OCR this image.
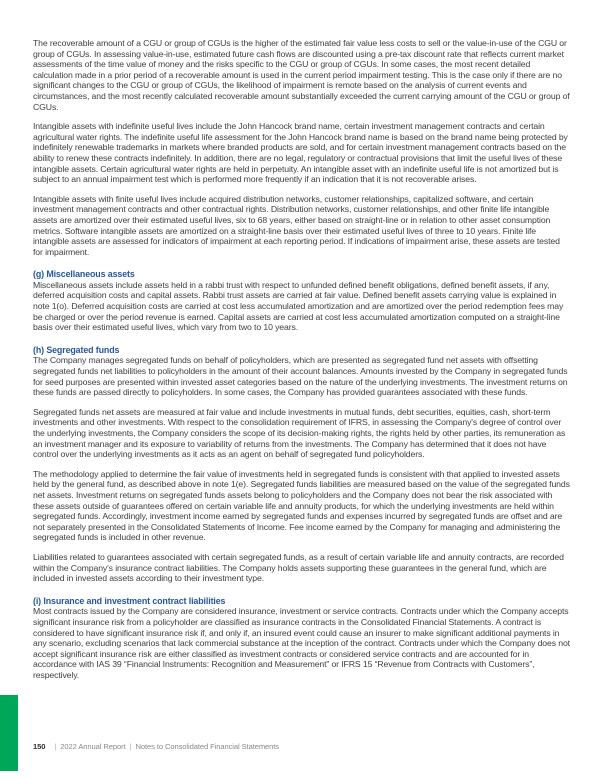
The recoverable amount of a CGU or group of CGUs is the higher of the estimated fair value less costs to sell or the value-in-use of the CGU or group of CGUs. In assessing value-in-use, estimated future cash flows are discounted using a pre-tax discount rate that reflects current market assessments of the time value of money and the risks specific to the CGU or group of CGUs. In some cases, the most recent detailed calculation made in a prior period of a recoverable amount is used in the current period impairment testing. This is the case only if there are no significant changes to the CGU or group of CGUs, the likelihood of impairment is remote based on the analysis of current events and circumstances, and the most recently calculated recoverable amount substantially exceeded the current carrying amount of the CGU or group of CGUs.

Intangible assets with indefinite useful lives include the John Hancock brand name, certain investment management contracts and certain agricultural water rights. The indefinite useful life assessment for the John Hancock brand name is based on the brand name being protected by indefinitely renewable trademarks in markets where branded products are sold, and for certain investment management contracts based on the ability to renew these contracts indefinitely. In addition, there are no legal, regulatory or contractual provisions that limit the useful lives of these intangible assets. Certain agricultural water rights are held in perpetuity. An intangible asset with an indefinite useful life is not amortized but is subject to an annual impairment test which is performed more frequently if an indication that it is not recoverable arises.

Intangible assets with finite useful lives include acquired distribution networks, customer relationships, capitalized software, and certain investment management contracts and other contractual rights. Distribution networks, customer relationships, and other finite life intangible assets are amortized over their estimated useful lives, six to 68 years, either based on straight-line or in relation to other asset consumption metrics. Software intangible assets are amortized on a straight-line basis over their estimated useful lives of three to 10 years. Finite life intangible assets are assessed for indicators of impairment at each reporting period. If indications of impairment arise, these assets are tested for impairment.

(g) Miscellaneous assets

Miscellaneous assets include assets held in a rabbi trust with respect to unfunded defined benefit obligations, defined benefit assets, if any, deferred acquisition costs and capital assets. Rabbi trust assets are carried at fair value. Defined benefit assets carrying value is explained in note 1(o). Deferred acquisition costs are carried at cost less accumulated amortization and are amortized over the period redemption fees may be charged or over the period revenue is earned. Capital assets are carried at cost less accumulated amortization computed on a straight-line basis over their estimated useful lives, which vary from two to 10 years.

(h) Segregated funds

The Company manages segregated funds on behalf of policyholders, which are presented as segregated fund net assets with offsetting segregated funds net liabilities to policyholders in the amount of their account balances. Amounts invested by the Company in segregated funds for seed purposes are presented within invested asset categories based on the nature of the underlying investments. The investment returns on these funds are passed directly to policyholders. In some cases, the Company has provided guarantees associated with these funds.

Segregated funds net assets are measured at fair value and include investments in mutual funds, debt securities, equities, cash, short-term investments and other investments. With respect to the consolidation requirement of IFRS, in assessing the Company's degree of control over the underlying investments, the Company considers the scope of its decision-making rights, the rights held by other parties, its remuneration as an investment manager and its exposure to variability of returns from the investments. The Company has determined that it does not have control over the underlying investments as it acts as an agent on behalf of segregated fund policyholders.

The methodology applied to determine the fair value of investments held in segregated funds is consistent with that applied to invested assets held by the general fund, as described above in note 1(e). Segregated funds liabilities are measured based on the value of the segregated funds net assets. Investment returns on segregated funds assets belong to policyholders and the Company does not bear the risk associated with these assets outside of guarantees offered on certain variable life and annuity products, for which the underlying investments are held within segregated funds. Accordingly, investment income earned by segregated funds and expenses incurred by segregated funds are offset and are not separately presented in the Consolidated Statements of Income. Fee income earned by the Company for managing and administering the segregated funds is included in other revenue.

Liabilities related to guarantees associated with certain segregated funds, as a result of certain variable life and annuity contracts, are recorded within the Company's insurance contract liabilities. The Company holds assets supporting these guarantees in the general fund, which are included in invested assets according to their investment type.

(i) Insurance and investment contract liabilities

Most contracts issued by the Company are considered insurance, investment or service contracts. Contracts under which the Company accepts significant insurance risk from a policyholder are classified as insurance contracts in the Consolidated Financial Statements. A contract is considered to have significant insurance risk if, and only if, an insured event could cause an insurer to make significant additional payments in any scenario, excluding scenarios that lack commercial substance at the inception of the contract. Contracts under which the Company does not accept significant insurance risk are either classified as investment contracts or considered service contracts and are accounted for in accordance with IAS 39 “Financial Instruments: Recognition and Measurement” or IFRS 15 “Revenue from Contracts with Customers”, respectively.

150 | 2022 Annual Report | Notes to Consolidated Financial Statements
